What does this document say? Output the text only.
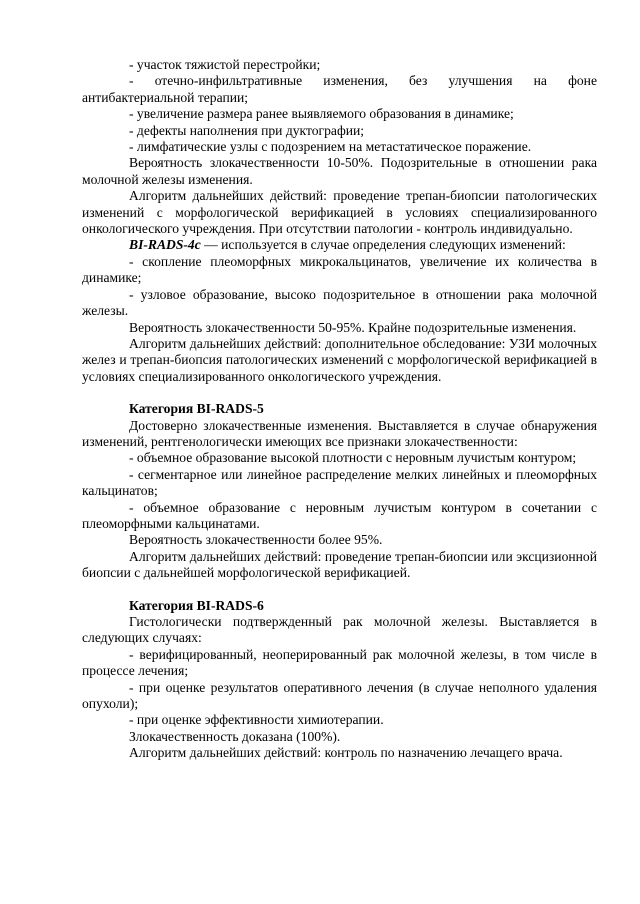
- участок тяжистой перестройки;

- отечно-инфильтративные изменения, без улучшения на фоне антибактериальной терапии;

- увеличение размера ранее выявляемого образования в динамике;

- дефекты наполнения при дуктографии;

- лимфатические узлы с подозрением на метастатическое поражение.

Вероятность злокачественности 10-50%. Подозрительные в отношении рака молочной железы изменения.

Алгоритм дальнейших действий: проведение трепан-биопсии патологических изменений с морфологической верификацией в условиях специализированного онкологического учреждения. При отсутствии патологии - контроль индивидуально.

BI-RADS-4c — используется в случае определения следующих изменений:

- скопление плеоморфных микрокальцинатов, увеличение их количества в динамике;

- узловое образование, высоко подозрительное в отношении рака молочной железы.

Вероятность злокачественности 50-95%. Крайне подозрительные изменения.

Алгоритм дальнейших действий: дополнительное обследование: УЗИ молочных желез и трепан-биопсия патологических изменений с морфологической верификацией в условиях специализированного онкологического учреждения.

Категория BI-RADS-5

Достоверно злокачественные изменения. Выставляется в случае обнаружения изменений, рентгенологически имеющих все признаки злокачественности:

- объемное образование высокой плотности с неровным лучистым контуром;

- сегментарное или линейное распределение мелких линейных и плеоморфных кальцинатов;

- объемное образование с неровным лучистым контуром в сочетании с плеоморфными кальцинатами.

Вероятность злокачественности более 95%.

Алгоритм дальнейших действий: проведение трепан-биопсии или эксцизионной биопсии с дальнейшей морфологической верификацией.

Категория BI-RADS-6

Гистологически подтвержденный рак молочной железы. Выставляется в следующих случаях:

- верифицированный, неоперированный рак молочной железы, в том числе в процессе лечения;

- при оценке результатов оперативного лечения (в случае неполного удаления опухоли);

- при оценке эффективности химиотерапии.

Злокачественность доказана (100%).

Алгоритм дальнейших действий: контроль по назначению лечащего врача.
